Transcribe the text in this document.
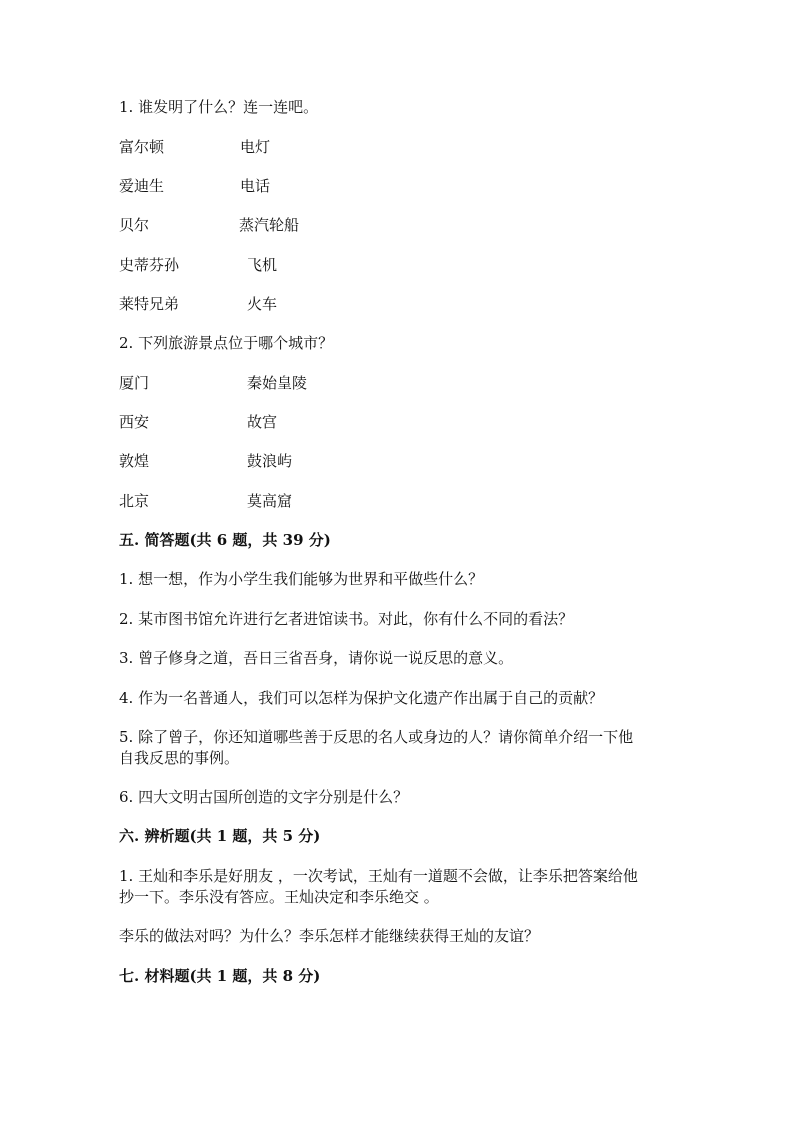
1. 谁发明了什么？连一连吧。
富尔顿	电灯
爱迪生	电话
贝尔	蒸汽轮船
史蒂芬孙	飞机
莱特兄弟	火车
2. 下列旅游景点位于哪个城市？
厦门	秦始皇陵
西安	故宫
敦煌	鼓浪屿
北京	莫高窟
五. 简答题(共 6 题，共 39 分)
1. 想一想，作为小学生我们能够为世界和平做些什么？
2. 某市图书馆允许进行乞者进馆读书。对此，你有什么不同的看法？
3. 曾子修身之道，吾日三省吾身，请你说一说反思的意义。
4. 作为一名普通人，我们可以怎样为保护文化遗产作出属于自己的贡献？
5. 除了曾子，你还知道哪些善于反思的名人或身边的人？请你简单介绍一下他
自我反思的事例。
6. 四大文明古国所创造的文字分别是什么？
六. 辨析题(共 1 题，共 5 分)
1. 王灿和李乐是好朋友 ，一次考试，王灿有一道题不会做，让李乐把答案给他
抄一下。李乐没有答应。王灿决定和李乐绝交 。
李乐的做法对吗？为什么？李乐怎样才能继续获得王灿的友谊？
七. 材料题(共 1 题，共 8 分)
